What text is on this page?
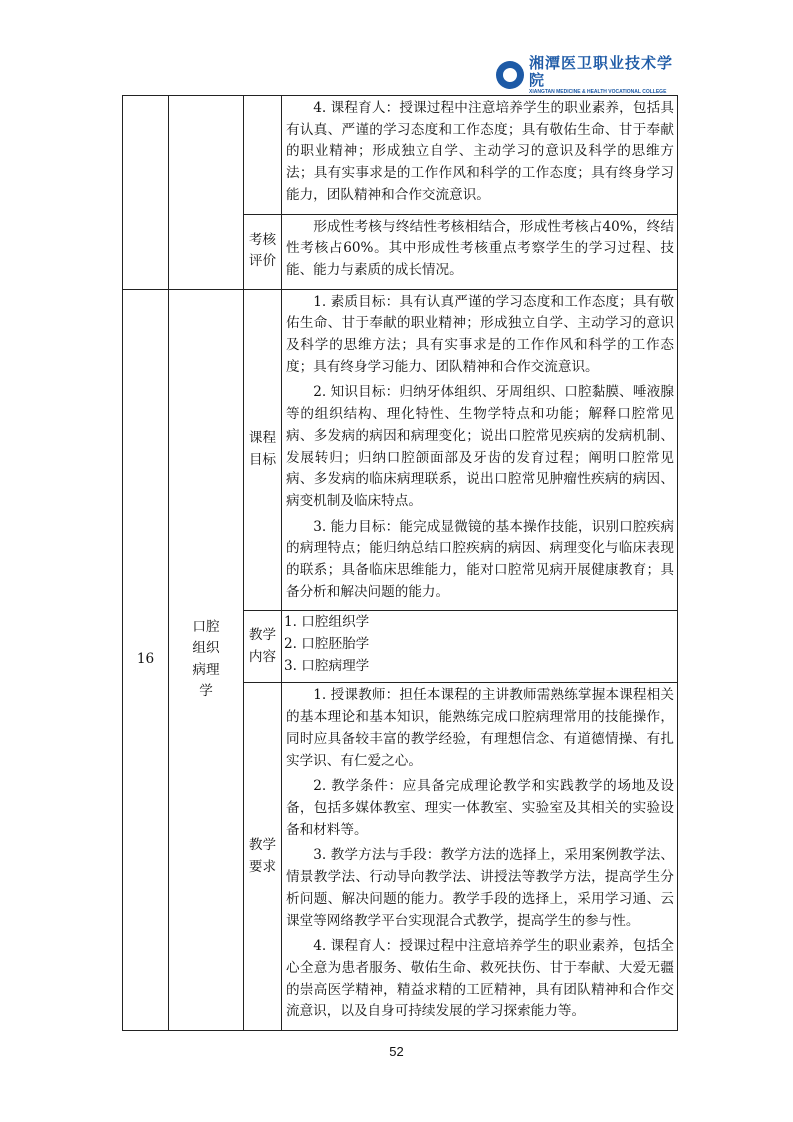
湘潭医卫职业技术学院
XIANGTAN MEDICINE & HEALTH VOCATIONAL COLLEGE

			4. 课程育人：授课过程中注意培养学生的职业素养，包括具有认真、严谨的学习态度和工作态度；具有敬佑生命、甘于奉献的职业精神；形成独立自学、主动学习的意识及科学的思维方法；具有实事求是的工作作风和科学的工作态度；具有终身学习能力，团队精神和合作交流意识。

		考核评价	形成性考核与终结性考核相结合，形成性考核占40%，终结性考核占60%。其中形成性考核重点考察学生的学习过程、技能、能力与素质的成长情况。

16	口腔组织病理学	课程目标	1. 素质目标：具有认真严谨的学习态度和工作态度；具有敬佑生命、甘于奉献的职业精神；形成独立自学、主动学习的意识及科学的思维方法；具有实事求是的工作作风和科学的工作态度；具有终身学习能力、团队精神和合作交流意识。

2. 知识目标：归纳牙体组织、牙周组织、口腔黏膜、唾液腺等的组织结构、理化特性、生物学特点和功能；解释口腔常见病、多发病的病因和病理变化；说出口腔常见疾病的发病机制、发展转归；归纳口腔颌面部及牙齿的发育过程；阐明口腔常见病、多发病的临床病理联系，说出口腔常见肿瘤性疾病的病因、病变机制及临床特点。

3. 能力目标：能完成显微镜的基本操作技能，识别口腔疾病的病理特点；能归纳总结口腔疾病的病因、病理变化与临床表现的联系；具备临床思维能力，能对口腔常见病开展健康教育；具备分析和解决问题的能力。

		教学内容	1. 口腔组织学

2. 口腔胚胎学

3. 口腔病理学

		教学要求	1. 授课教师：担任本课程的主讲教师需熟练掌握本课程相关的基本理论和基本知识，能熟练完成口腔病理常用的技能操作，同时应具备较丰富的教学经验，有理想信念、有道德情操、有扎实学识、有仁爱之心。

2. 教学条件：应具备完成理论教学和实践教学的场地及设备，包括多媒体教室、理实一体教室、实验室及其相关的实验设备和材料等。

3. 教学方法与手段：教学方法的选择上，采用案例教学法、情景教学法、行动导向教学法、讲授法等教学方法，提高学生分析问题、解决问题的能力。教学手段的选择上，采用学习通、云课堂等网络教学平台实现混合式教学，提高学生的参与性。

4. 课程育人：授课过程中注意培养学生的职业素养，包括全心全意为患者服务、敬佑生命、救死扶伤、甘于奉献、大爱无疆的崇高医学精神，精益求精的工匠精神，具有团队精神和合作交流意识，以及自身可持续发展的学习探索能力等。

52
